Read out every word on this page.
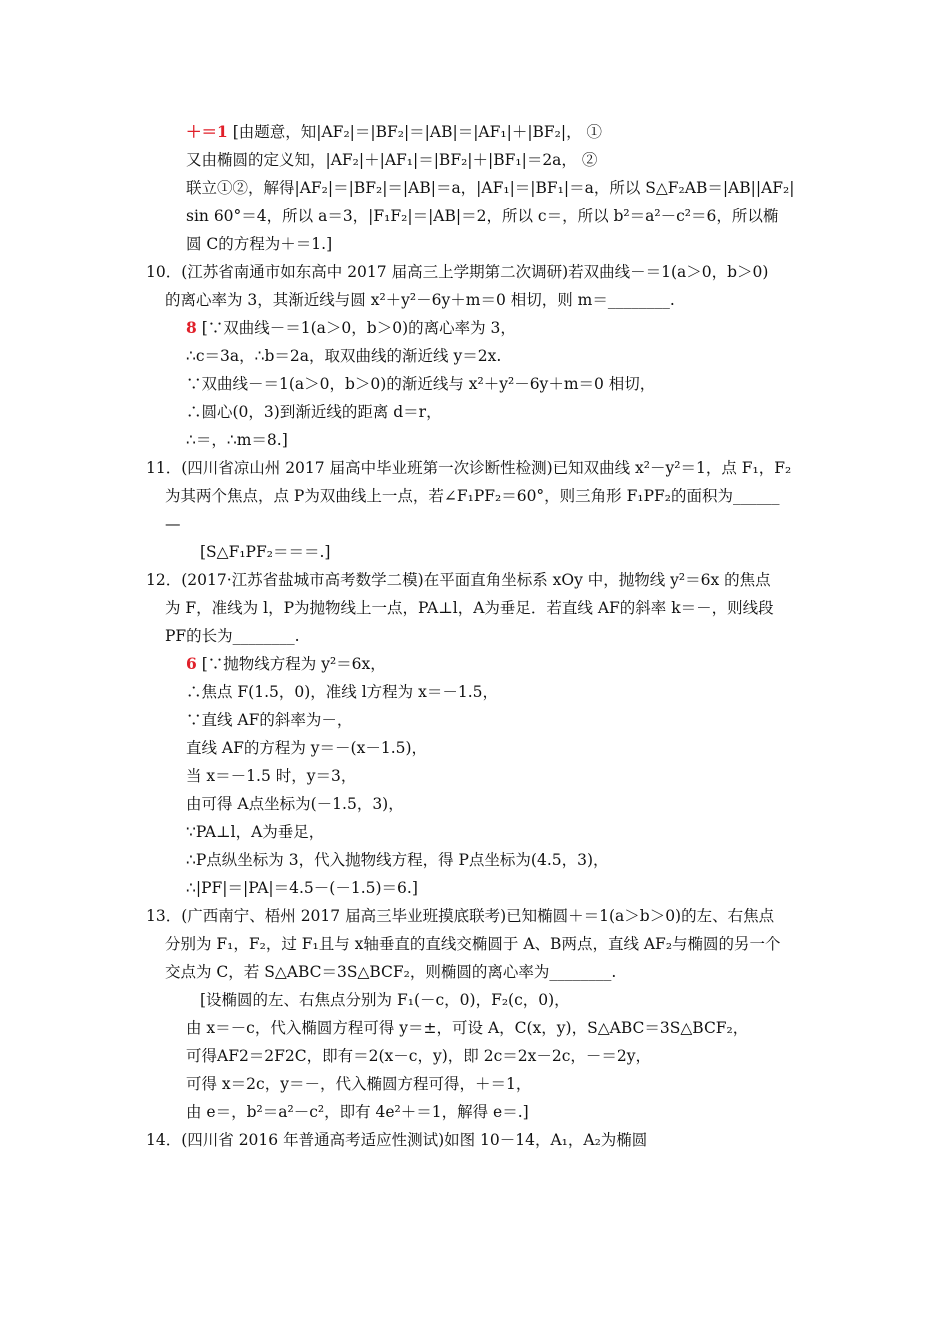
＋＝1 [由题意，知|AF₂|＝|BF₂|＝|AB|＝|AF₁|＋|BF₂|， ①
又由椭圆的定义知，|AF₂|＋|AF₁|＝|BF₂|＋|BF₁|＝2a， ②
联立①②，解得|AF₂|＝|BF₂|＝|AB|＝a，|AF₁|＝|BF₁|＝a，所以 S△F₂AB＝|AB||AF₂|
sin 60°＝4，所以 a＝3，|F₁F₂|＝|AB|＝2，所以 c＝，所以 b²＝a²－c²＝6，所以椭
圆 C的方程为＋＝1.]
10．(江苏省南通市如东高中 2017 届高三上学期第二次调研)若双曲线－＝1(a＞0，b＞0)
的离心率为 3，其渐近线与圆 x²＋y²－6y＋m＝0 相切，则 m＝________.
8 [∵双曲线－＝1(a＞0，b＞0)的离心率为 3，
∴c＝3a，∴b＝2a，取双曲线的渐近线 y＝2x.
∵双曲线－＝1(a＞0，b＞0)的渐近线与 x²＋y²－6y＋m＝0 相切，
∴圆心(0，3)到渐近线的距离 d＝r，
∴＝，∴m＝8.]
11．(四川省凉山州 2017 届高中毕业班第一次诊断性检测)已知双曲线 x²－y²＝1，点 F₁，F₂
为其两个焦点，点 P为双曲线上一点，若∠F₁PF₂＝60°，则三角形 F₁PF₂的面积为______
—
[S△F₁PF₂＝＝＝.]
12．(2017·江苏省盐城市高考数学二模)在平面直角坐标系 xOy 中，抛物线 y²＝6x 的焦点
为 F，准线为 l，P为抛物线上一点，PA⊥l，A为垂足．若直线 AF的斜率 k＝－，则线段
PF的长为________.
6 [∵抛物线方程为 y²＝6x，
∴焦点 F(1.5，0)，准线 l方程为 x＝－1.5，
∵直线 AF的斜率为－，
直线 AF的方程为 y＝－(x－1.5)，
当 x＝－1.5 时，y＝3，
由可得 A点坐标为(－1.5，3)，
∵PA⊥l，A为垂足，
∴P点纵坐标为 3，代入抛物线方程，得 P点坐标为(4.5，3)，
∴|PF|＝|PA|＝4.5－(－1.5)＝6.]
13．(广西南宁、梧州 2017 届高三毕业班摸底联考)已知椭圆＋＝1(a＞b＞0)的左、右焦点
分别为 F₁，F₂，过 F₁且与 x轴垂直的直线交椭圆于 A、B两点，直线 AF₂与椭圆的另一个
交点为 C，若 S△ABC＝3S△BCF₂，则椭圆的离心率为________.
[设椭圆的左、右焦点分别为 F₁(－c，0)，F₂(c，0)，
由 x＝－c，代入椭圆方程可得 y＝±，可设 A，C(x，y)，S△ABC＝3S△BCF₂，
可得AF2＝2F2C，即有＝2(x－c，y)，即 2c＝2x－2c，－＝2y，
可得 x＝2c，y＝－，代入椭圆方程可得，＋＝1，
由 e＝，b²＝a²－c²，即有 4e²＋＝1，解得 e＝.]
14．(四川省 2016 年普通高考适应性测试)如图 10－14，A₁，A₂为椭圆
